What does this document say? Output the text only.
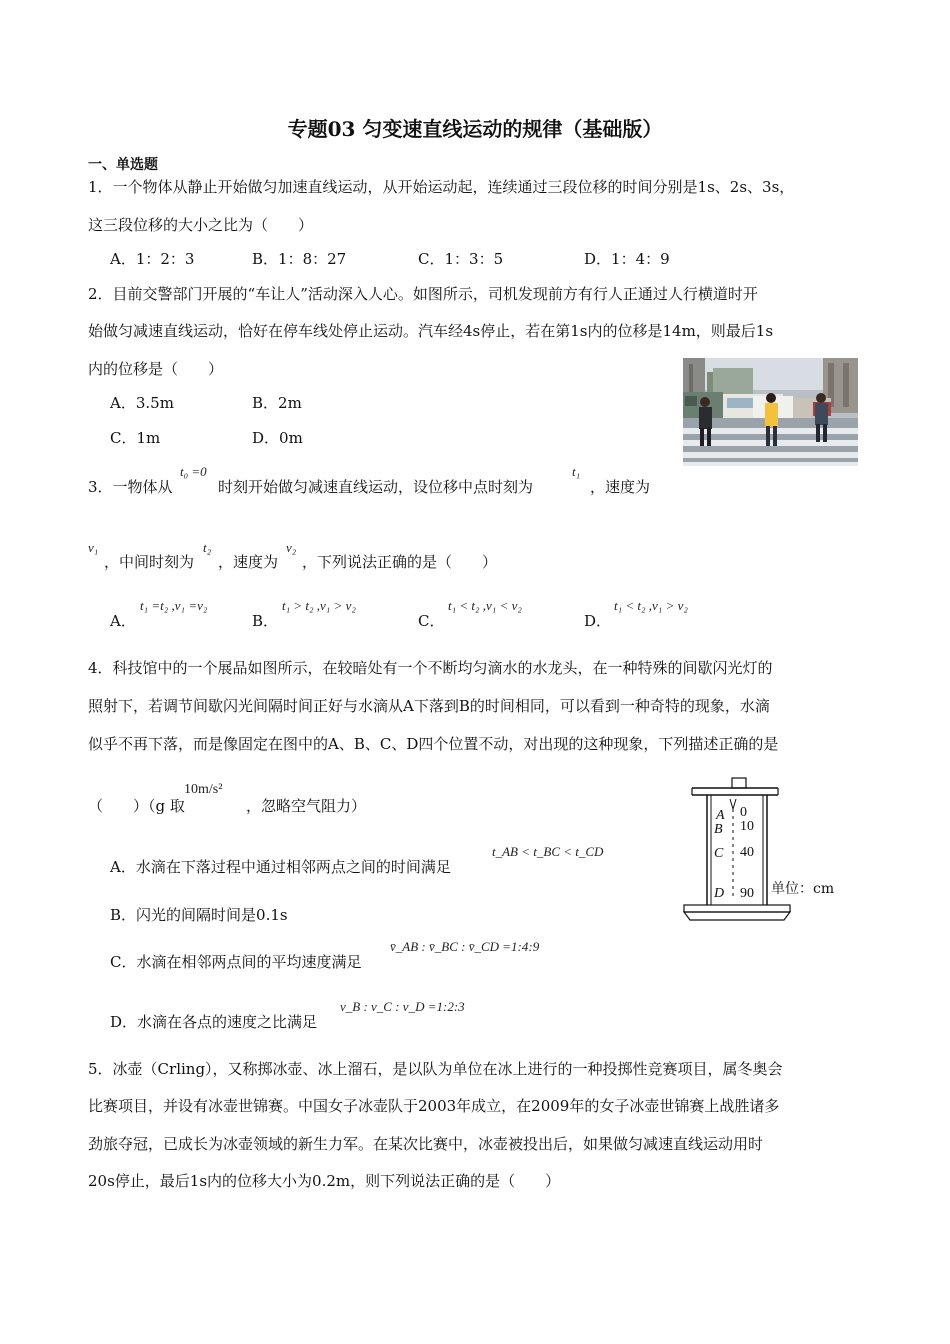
专题03 匀变速直线运动的规律（基础版）
一、单选题
1．一个物体从静止开始做匀加速直线运动，从开始运动起，连续通过三段位移的时间分别是1s、2s、3s，
这三段位移的大小之比为（　　）
A．1：2：3	B．1：8：27	C．1：3：5	D．1：4：9
2．目前交警部门开展的“车让人”活动深入人心。如图所示，司机发现前方有行人正通过人行横道时开
始做匀减速直线运动，恰好在停车线处停止运动。汽车经4s停止，若在第1s内的位移是14m，则最后1s
内的位移是（　　）
A．3.5m	B．2m
C．1m	D．0m
3．一物体从
t₀ =0
时刻开始做匀减速直线运动，设位移中点时刻为
t₁
，速度为
v₁
，中间时刻为
t₂
，速度为
v₂
，下列说法正确的是（　　）
A．
t₁ =t₂ ,v₁ =v₂
B．
t₁ > t₂ ,v₁ > v₂
C．
t₁ < t₂ ,v₁ < v₂
D．
t₁ < t₂ ,v₁ > v₂
4．科技馆中的一个展品如图所示，在较暗处有一个不断均匀滴水的水龙头，在一种特殊的间歇闪光灯的
照射下，若调节间歇闪光间隔时间正好与水滴从A下落到B的时间相同，可以看到一种奇特的现象，水滴
似乎不再下落，而是像固定在图中的A、B、C、D四个位置不动，对出现的这种现象，下列描述正确的是
（　　）（g 取
10m/s²
，忽略空气阻力）
A．水滴在下落过程中通过相邻两点之间的时间满足
t_AB < t_BC < t_CD
B．闪光的间隔时间是0.1s
C．水滴在相邻两点间的平均速度满足
v̄_AB : v̄_BC : v̄_CD =1:4:9
D．水滴在各点的速度之比满足
v_B : v_C : v_D =1:2:3
A
B
C
D
0
10
40
90 单位：cm
5．冰壶（Crling），又称掷冰壶、冰上溜石，是以队为单位在冰上进行的一种投掷性竞赛项目，属冬奥会
比赛项目，并设有冰壶世锦赛。中国女子冰壶队于2003年成立，在2009年的女子冰壶世锦赛上战胜诸多
劲旅夺冠，已成长为冰壶领域的新生力军。在某次比赛中，冰壶被投出后，如果做匀减速直线运动用时
20s停止，最后1s内的位移大小为0.2m，则下列说法正确的是（　　）
